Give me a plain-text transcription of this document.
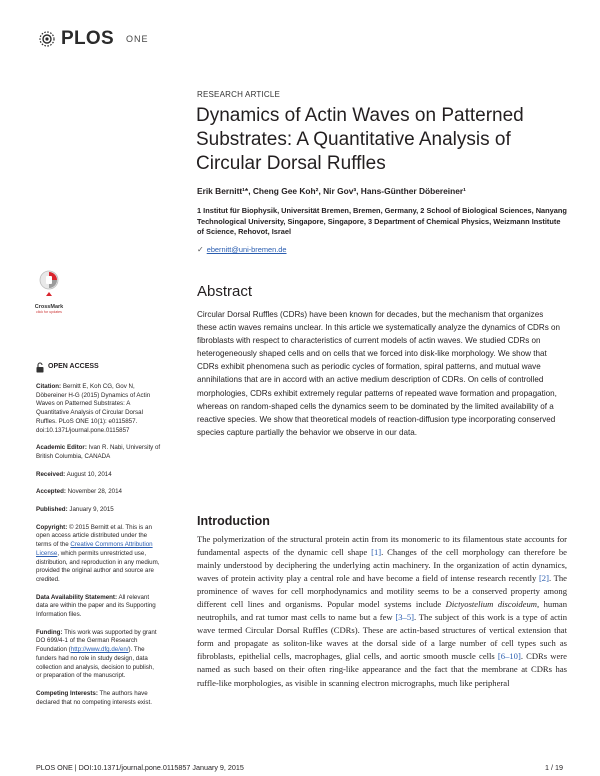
PLOS ONE
RESEARCH ARTICLE
Dynamics of Actin Waves on Patterned
Substrates: A Quantitative Analysis of
Circular Dorsal Ruffles
Erik Bernitt¹*, Cheng Gee Koh², Nir Gov³, Hans-Günther Döbereiner¹
1 Institut für Biophysik, Universität Bremen, Bremen, Germany, 2 School of Biological Sciences, Nanyang Technological University, Singapore, Singapore, 3 Department of Chemical Physics, Weizmann Institute of Science, Rehovot, Israel
✓ ebernitt@uni-bremen.de
CrossMark
click for updates
Abstract
Circular Dorsal Ruffles (CDRs) have been known for decades, but the mechanism that organizes these actin waves remains unclear. In this article we systematically analyze the dynamics of CDRs on fibroblasts with respect to characteristics of current models of actin waves. We studied CDRs on heterogeneously shaped cells and on cells that we forced into disk-like morphology. We show that CDRs exhibit phenomena such as periodic cycles of formation, spiral patterns, and mutual wave annihilations that are in accord with an active medium description of CDRs. On cells of controlled morphologies, CDRs exhibit extremely regular patterns of repeated wave formation and propagation, whereas on random-shaped cells the dynamics seem to be dominated by the limited availability of a reactive species. We show that theoretical models of reaction-diffusion type incorporating conserved species capture partially the behavior we observe in our data.
OPEN ACCESS
Citation: Bernitt E, Koh CG, Gov N, Döbereiner H-G (2015) Dynamics of Actin Waves on Patterned Substrates: A Quantitative Analysis of Circular Dorsal Ruffles. PLoS ONE 10(1): e0115857. doi:10.1371/journal.pone.0115857
Academic Editor: Ivan R. Nabi, University of British Columbia, CANADA
Received: August 10, 2014
Accepted: November 28, 2014
Published: January 9, 2015
Copyright: © 2015 Bernitt et al. This is an open access article distributed under the terms of the Creative Commons Attribution License, which permits unrestricted use, distribution, and reproduction in any medium, provided the original author and source are credited.
Data Availability Statement: All relevant data are within the paper and its Supporting Information files.
Funding: This work was supported by grant DO 699/4-1 of the German Research Foundation (http://www.dfg.de/en/). The funders had no role in study design, data collection and analysis, decision to publish, or preparation of the manuscript.
Competing Interests: The authors have declared that no competing interests exist.
Introduction
The polymerization of the structural protein actin from its monomeric to its filamentous state accounts for fundamental aspects of the dynamic cell shape [1]. Changes of the cell morphology can therefore be mainly understood by deciphering the underlying actin machinery. In the organization of actin dynamics, waves of protein activity play a central role and have become a field of intense research recently [2]. The prominence of waves for cell morphodynamics and motility seems to be a conserved property among different cell lines and organisms. Popular model systems include Dictyostelium discoideum, human neutrophils, and rat tumor mast cells to name but a few [3–5]. The subject of this work is a type of actin wave termed Circular Dorsal Ruffles (CDRs). These are actin-based structures of vertical extension that form and propagate as soliton-like waves at the dorsal side of a large number of cell types such as fibroblasts, epithelial cells, macrophages, glial cells, and aortic smooth muscle cells [6–10]. CDRs were named as such based on their often ring-like appearance and the fact that the membrane at CDRs has ruffle-like morphologies, as visible in scanning electron micrographs, much like peripheral
PLOS ONE | DOI:10.1371/journal.pone.0115857 January 9, 2015	1 / 19
